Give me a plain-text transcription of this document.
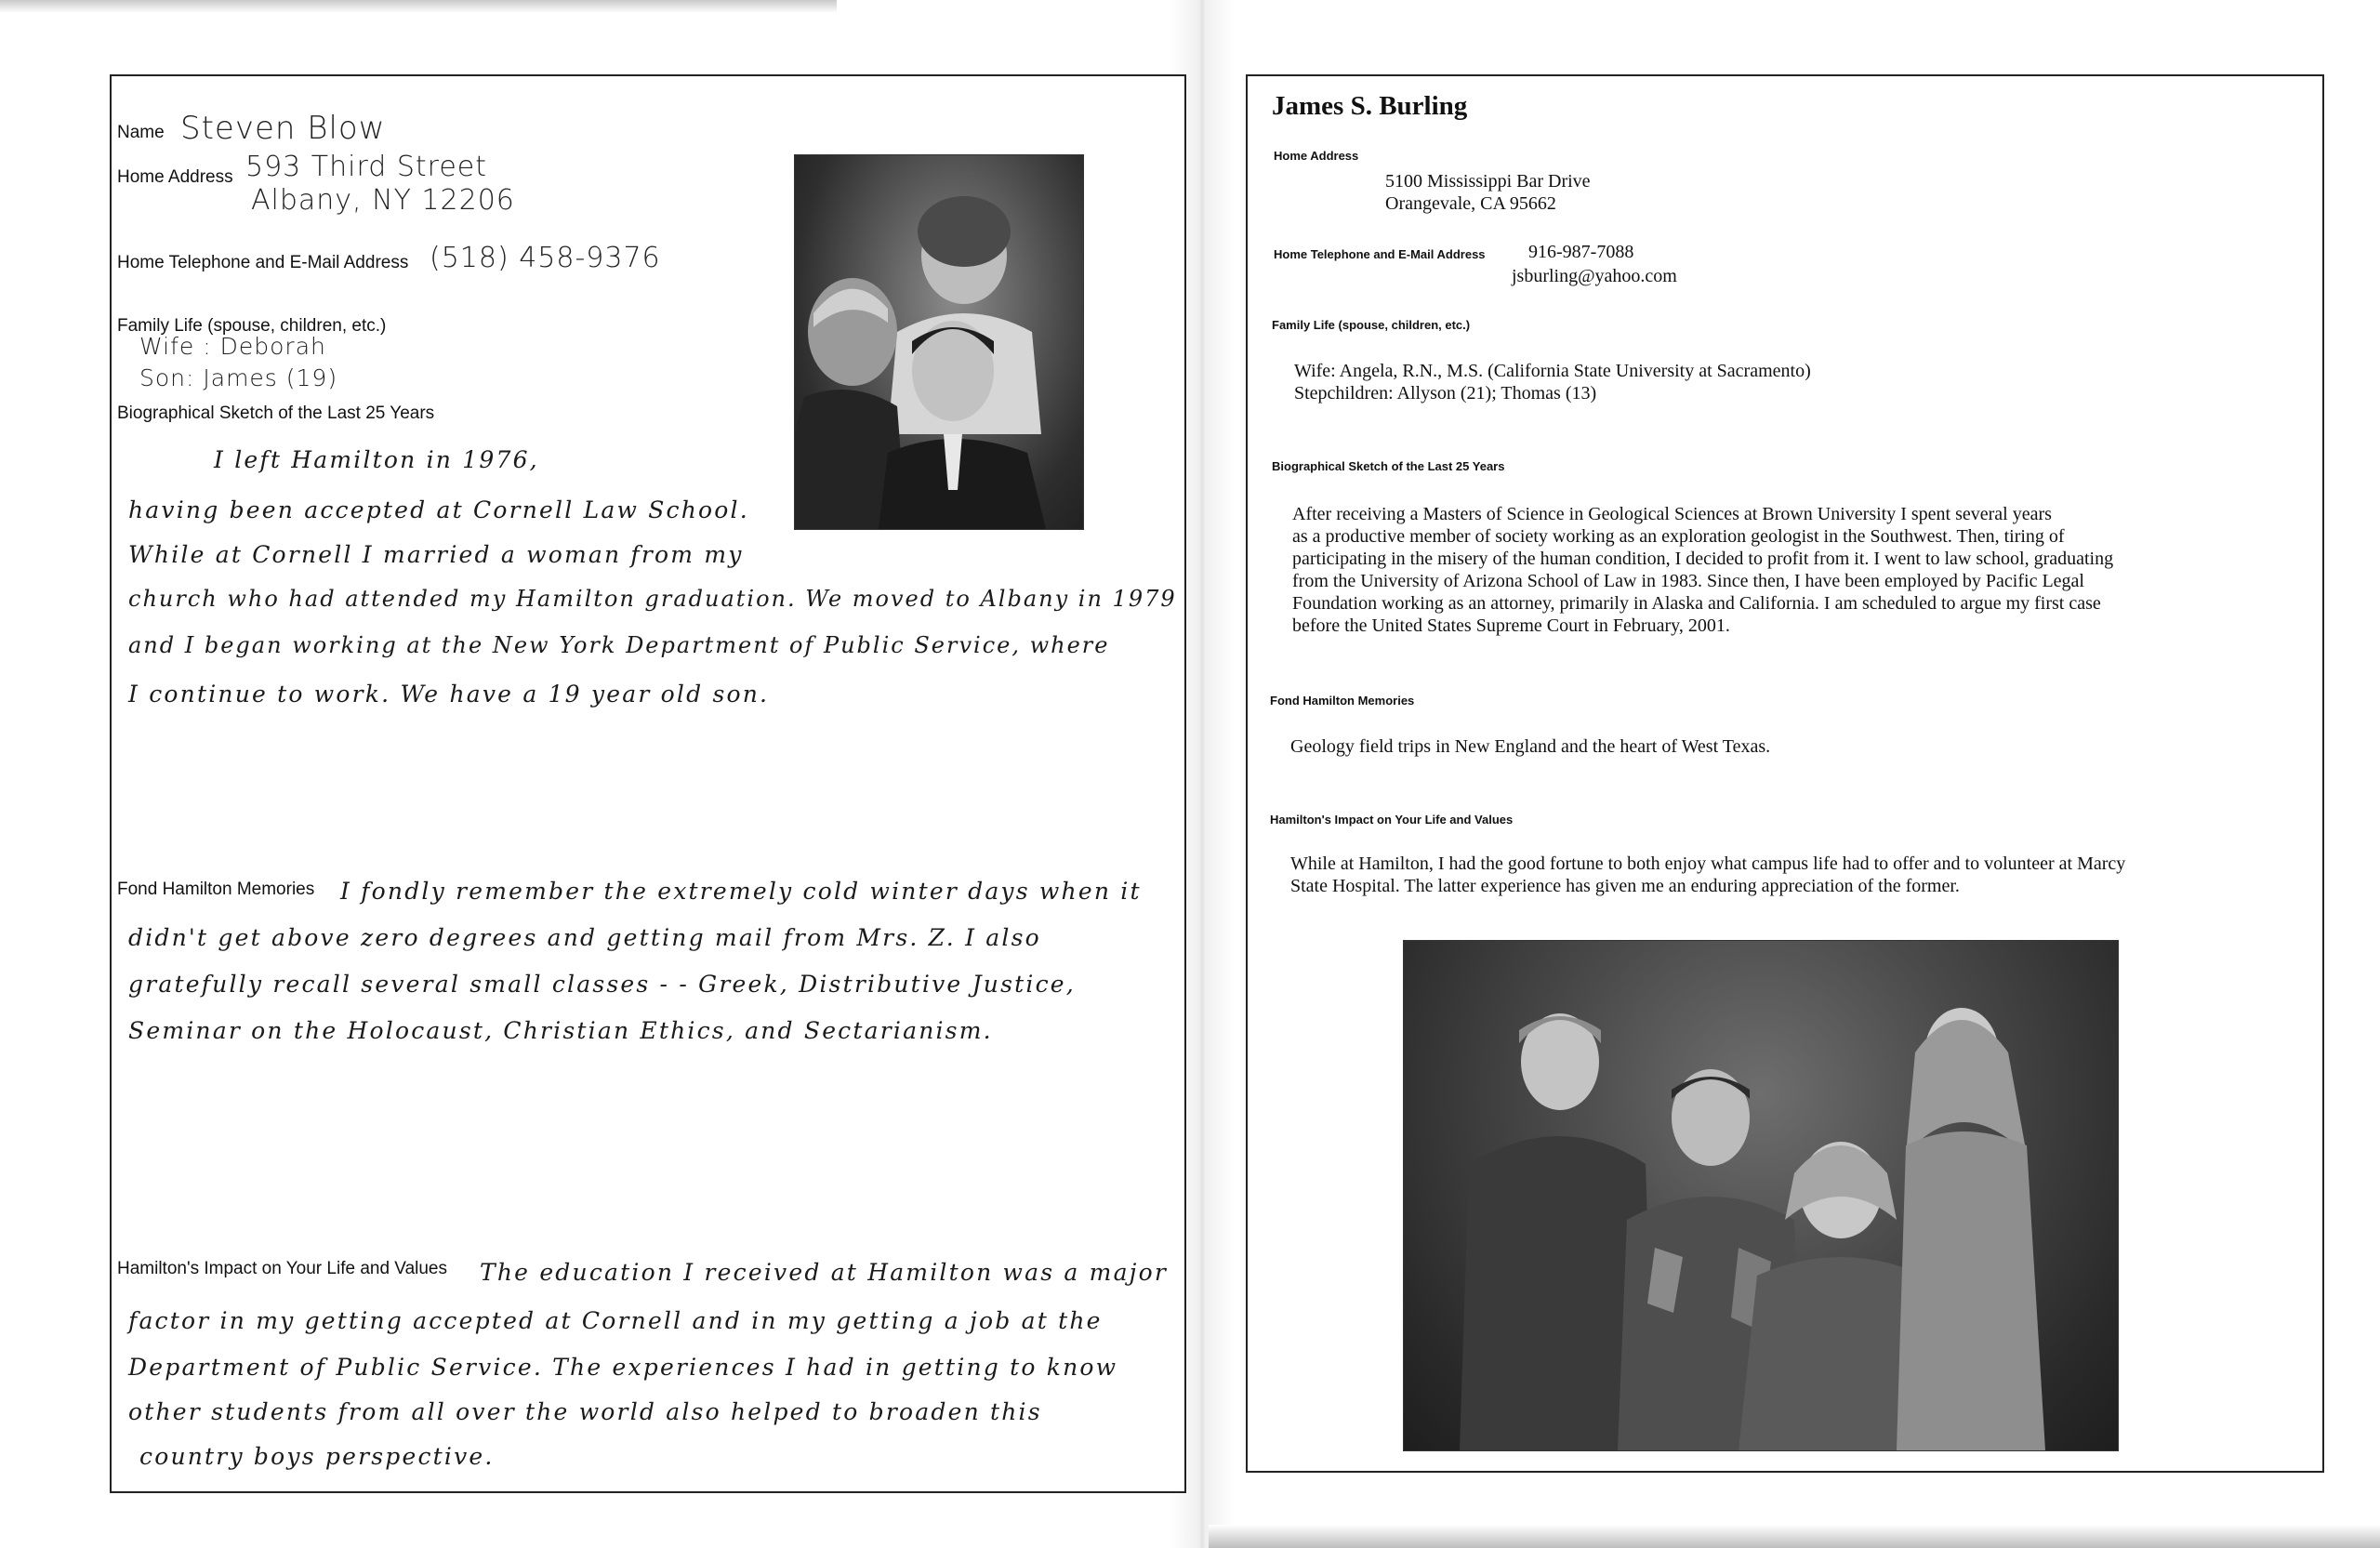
Name Steven Blow
Home Address 593 Third Street
Albany, NY 12206
Home Telephone and E-Mail Address (518) 458-9376
Family Life (spouse, children, etc.)
Wife : Deborah
Son: James (19)
Biographical Sketch of the Last 25 Years
I left Hamilton in 1976,
having been accepted at Cornell Law School.
While at Cornell I married a woman from my
church who had attended my Hamilton graduation. We moved to Albany in 1979
and I began working at the New York Department of Public Service, where
I continue to work. We have a 19 year old son.
Fond Hamilton Memories I fondly remember the extremely cold winter days when it
didn't get above zero degrees and getting mail from Mrs. Z. I also
gratefully recall several small classes - - Greek, Distributive Justice,
Seminar on the Holocaust, Christian Ethics, and Sectarianism.
Hamilton's Impact on Your Life and Values The education I received at Hamilton was a major
factor in my getting accepted at Cornell and in my getting a job at the
Department of Public Service. The experiences I had in getting to know
other students from all over the world also helped to broaden this
country boys perspective.
James S. Burling
Home Address
5100 Mississippi Bar Drive
Orangevale, CA 95662
Home Telephone and E-Mail Address 916-987-7088
jsburling@yahoo.com
Family Life (spouse, children, etc.)
Wife: Angela, R.N., M.S. (California State University at Sacramento)
Stepchildren: Allyson (21); Thomas (13)
Biographical Sketch of the Last 25 Years
After receiving a Masters of Science in Geological Sciences at Brown University I spent several years
as a productive member of society working as an exploration geologist in the Southwest. Then, tiring of
participating in the misery of the human condition, I decided to profit from it. I went to law school, graduating
from the University of Arizona School of Law in 1983. Since then, I have been employed by Pacific Legal
Foundation working as an attorney, primarily in Alaska and California. I am scheduled to argue my first case
before the United States Supreme Court in February, 2001.
Fond Hamilton Memories
Geology field trips in New England and the heart of West Texas.
Hamilton's Impact on Your Life and Values
While at Hamilton, I had the good fortune to both enjoy what campus life had to offer and to volunteer at Marcy
State Hospital. The latter experience has given me an enduring appreciation of the former.
